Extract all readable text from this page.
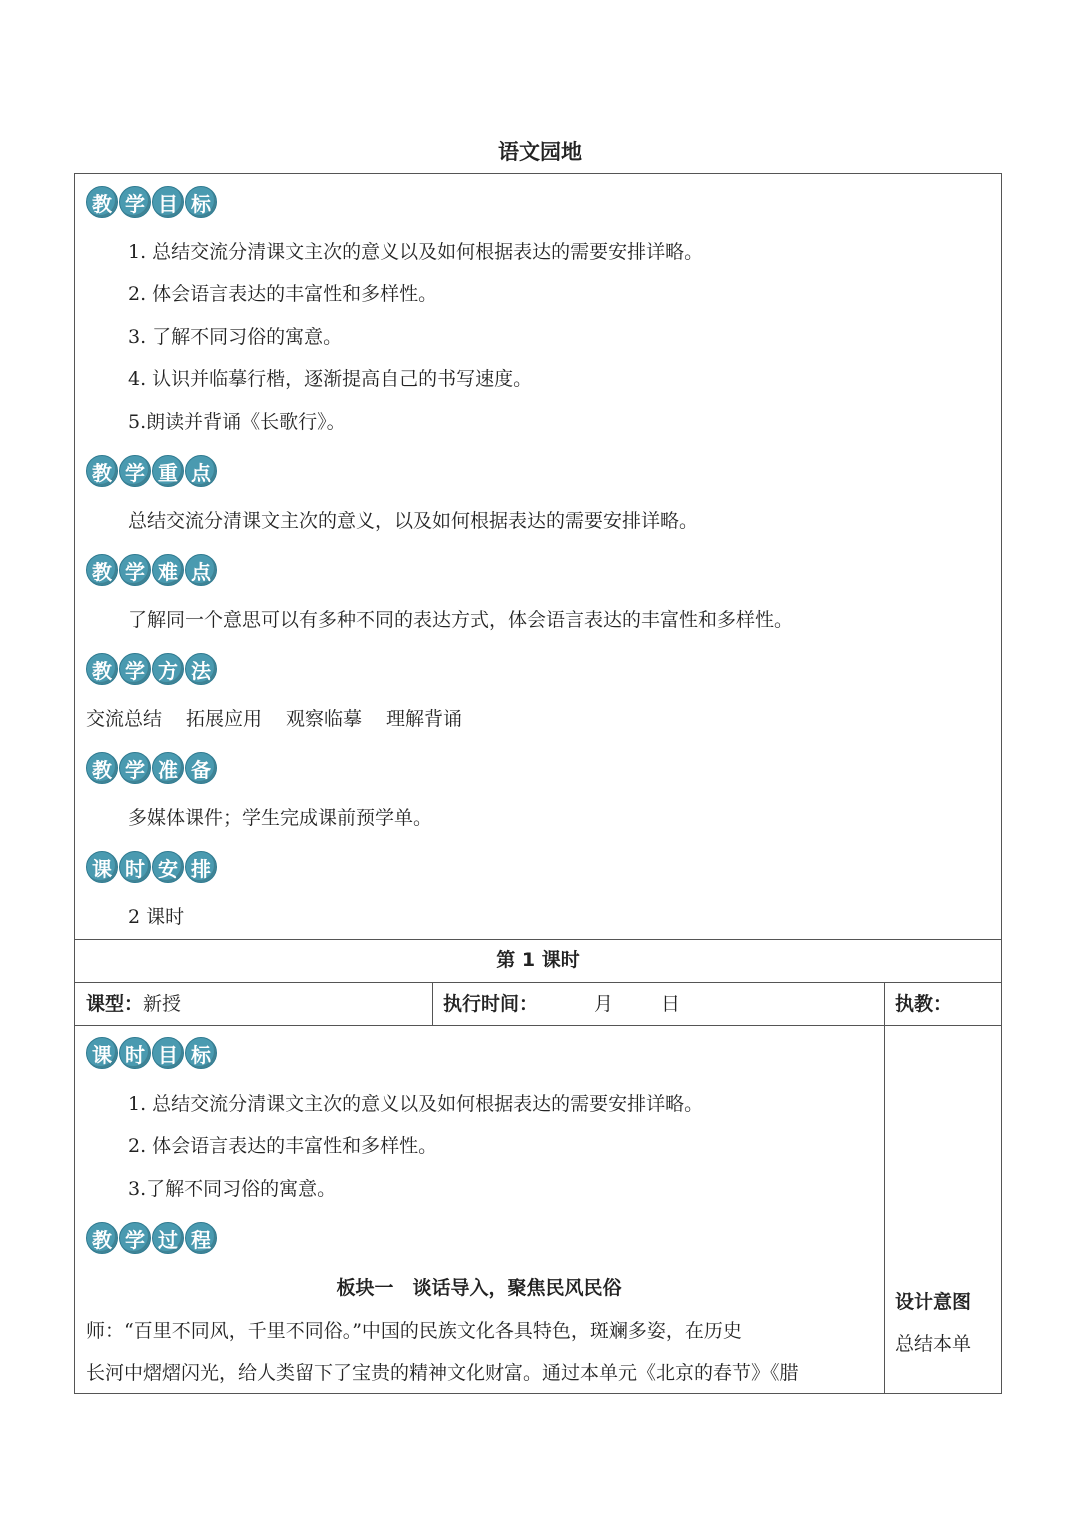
语文园地
教 学 目 标
1. 总结交流分清课文主次的意义以及如何根据表达的需要安排详略。
2. 体会语言表达的丰富性和多样性。
3. 了解不同习俗的寓意。
4. 认识并临摹行楷，逐渐提高自己的书写速度。
5.朗读并背诵《长歌行》。
教 学 重 点
总结交流分清课文主次的意义，以及如何根据表达的需要安排详略。
教 学 难 点
了解同一个意思可以有多种不同的表达方式，体会语言表达的丰富性和多样性。
教 学 方 法
交流总结 拓展应用 观察临摹 理解背诵
教 学 准 备
多媒体课件；学生完成课前预学单。
课 时 安 排
2 课时
第 1 课时
课型：新授	执行时间：	月	日	执教：
课 时 目 标
1. 总结交流分清课文主次的意义以及如何根据表达的需要安排详略。
2. 体会语言表达的丰富性和多样性。
3.了解不同习俗的寓意。
教 学 过 程
板块一　谈话导入，聚焦民风民俗
师：“百里不同风，千里不同俗。”中国的民族文化各具特色，斑斓多姿，在历史
长河中熠熠闪光，给人类留下了宝贵的精神文化财富。通过本单元《北京的春节》《腊
设计意图
总结本单
